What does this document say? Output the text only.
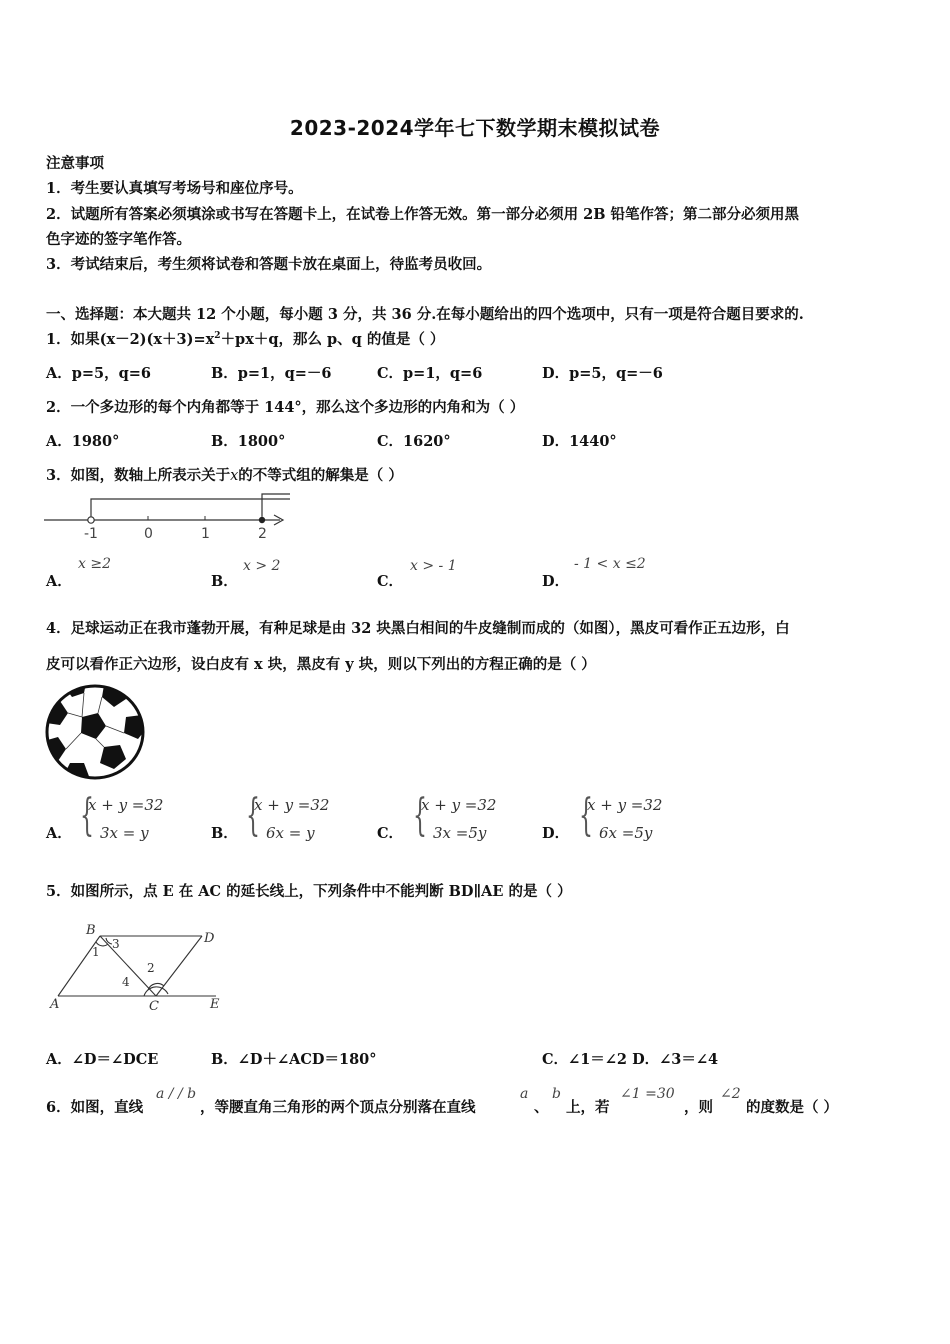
2023-2024学年七下数学期末模拟试卷
注意事项
1．考生要认真填写考场号和座位序号。
2．试题所有答案必须填涂或书写在答题卡上，在试卷上作答无效。第一部分必须用 2B 铅笔作答；第二部分必须用黑
色字迹的签字笔作答。
3．考试结束后，考生须将试卷和答题卡放在桌面上，待监考员收回。
一、选择题：本大题共 12 个小题，每小题 3 分，共 36 分.在每小题给出的四个选项中，只有一项是符合题目要求的.
1．如果$(x-2)(x+3)=x^2+px+q$，那么 p、q 的值是（ ）
A．p=5，q=6	B．p=1，q=－6	C．p=1，q=6	D．p=5，q=－6
2．一个多边形的每个内角都等于 144°，那么这个多边形的内角和为（ ）
A．1980°	B．1800°	C．1620°	D．1440°
3．如图，数轴上所表示关于x的不等式组的解集是（ ）
-1	0	1	2
A．
x ≥2
B．
x > 2
C．
x > - 1
D．
- 1 < x ≤2
4．足球运动正在我市蓬勃开展，有种足球是由 32 块黑白相间的牛皮缝制而成的（如图），黑皮可看作正五边形，白
皮可以看作正六边形，设白皮有 x 块，黑皮有 y 块，则以下列出的方程正确的是（ ）
A． {
x + y =32
3x = y	B． {
x + y =32
6x = y	C． {
x + y =32
3x =5y	D． {
x + y =32
6x =5y
5．如图所示，点 E 在 AC 的延长线上，下列条件中不能判断 BD∥AE 的是（ ）
B
D
A	C	E
1
2
3
4
A．∠D＝∠DCE	B．∠D＋∠ACD＝180°	C．∠1＝∠2 D．∠3＝∠4
6．如图，直线
a / / b
，等腰直角三角形的两个顶点分别落在直线
a
、
b
上，若
∠1 =30
，则
∠2
的度数是（ ）
